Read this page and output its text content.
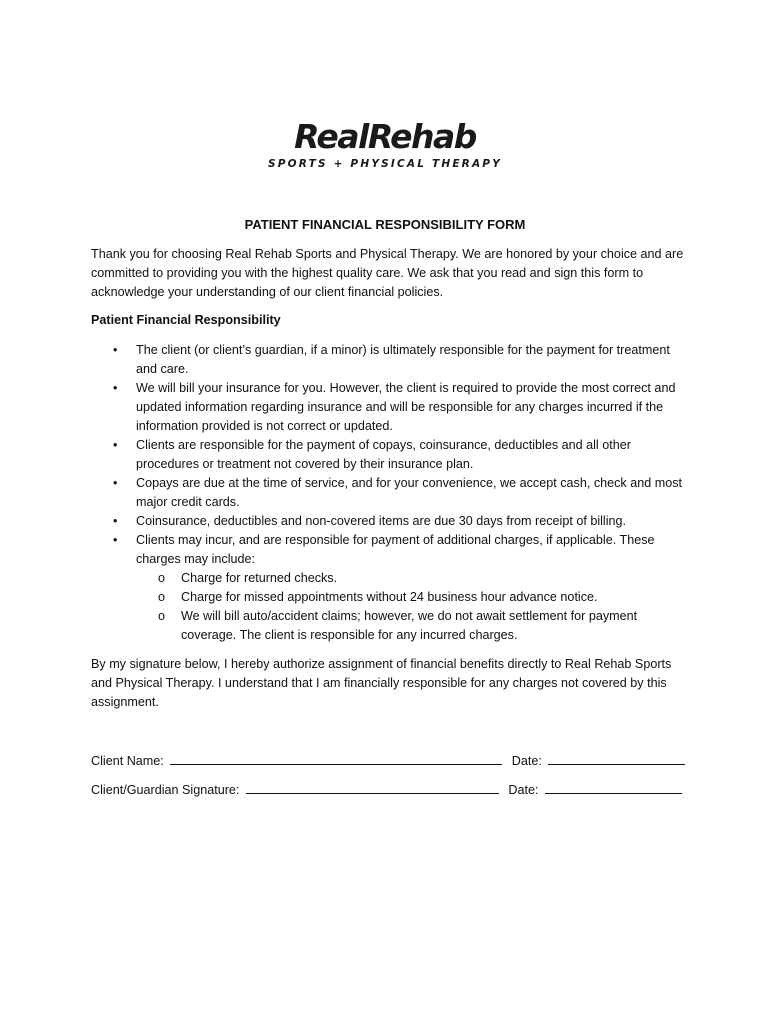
RealRehab
SPORTS + PHYSICAL THERAPY
PATIENT FINANCIAL RESPONSIBILITY FORM
Thank you for choosing Real Rehab Sports and Physical Therapy. We are honored by your choice and are committed to providing you with the highest quality care. We ask that you read and sign this form to acknowledge your understanding of our client financial policies.
Patient Financial Responsibility
• The client (or client’s guardian, if a minor) is ultimately responsible for the payment for treatment and care.
• We will bill your insurance for you. However, the client is required to provide the most correct and updated information regarding insurance and will be responsible for any charges incurred if the information provided is not correct or updated.
• Clients are responsible for the payment of copays, coinsurance, deductibles and all other procedures or treatment not covered by their insurance plan.
• Copays are due at the time of service, and for your convenience, we accept cash, check and most major credit cards.
• Coinsurance, deductibles and non-covered items are due 30 days from receipt of billing.
• Clients may incur, and are responsible for payment of additional charges, if applicable. These charges may include:
o Charge for returned checks.
o Charge for missed appointments without 24 business hour advance notice.
o We will bill auto/accident claims; however, we do not await settlement for payment coverage. The client is responsible for any incurred charges.
By my signature below, I hereby authorize assignment of financial benefits directly to Real Rehab Sports and Physical Therapy. I understand that I am financially responsible for any charges not covered by this assignment.
Client Name:	Date:
Client/Guardian Signature:	Date:
